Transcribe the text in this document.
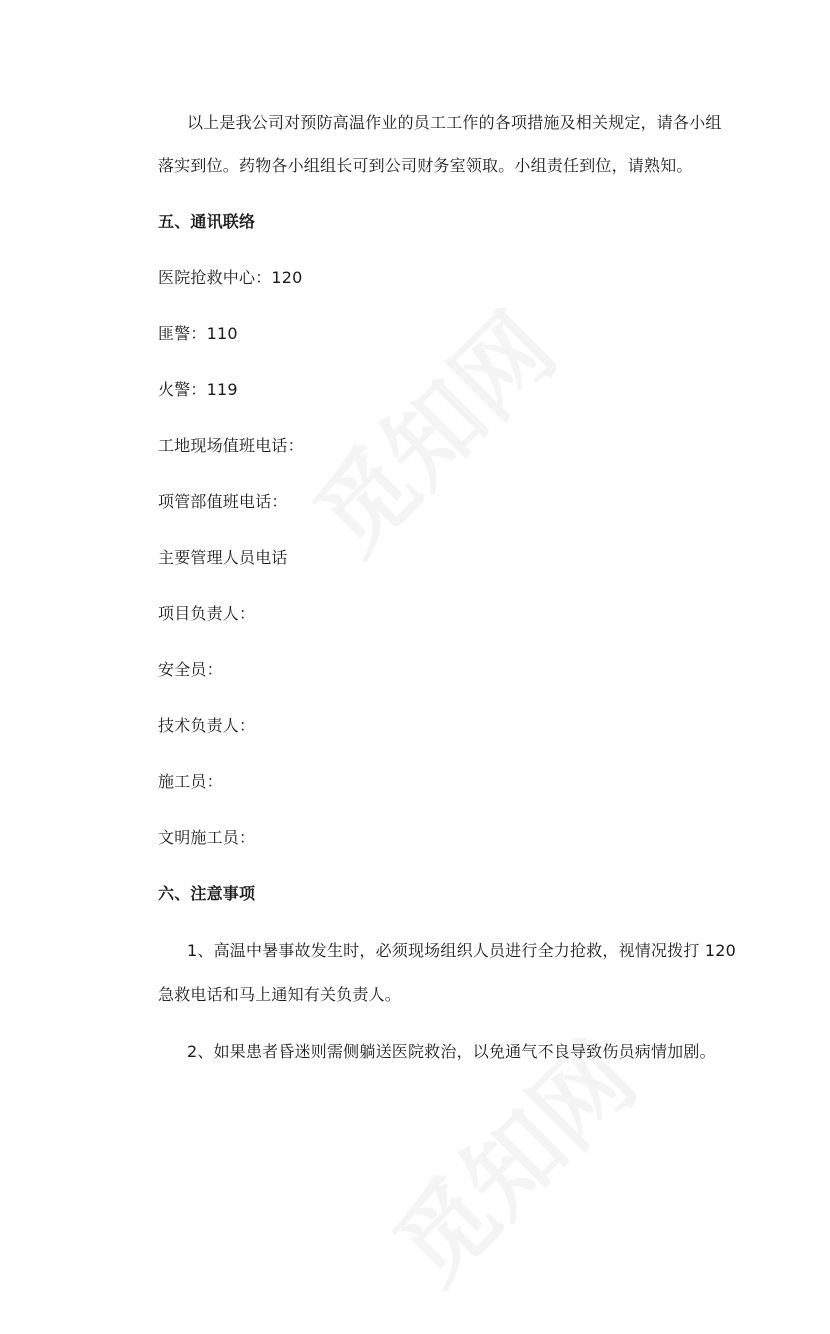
以上是我公司对预防高温作业的员工工作的各项措施及相关规定，请各小组
落实到位。药物各小组组长可到公司财务室领取。小组责任到位，请熟知。
五、通讯联络
医院抢救中心：120
匪警：110
火警：119
工地现场值班电话：
项管部值班电话：
主要管理人员电话
项目负责人：
安全员：
技术负责人：
施工员：
文明施工员：
六、注意事项
1、高温中暑事故发生时，必须现场组织人员进行全力抢救，视情况拨打 120
急救电话和马上通知有关负责人。
2、如果患者昏迷则需侧躺送医院救治，以免通气不良导致伤员病情加剧。
